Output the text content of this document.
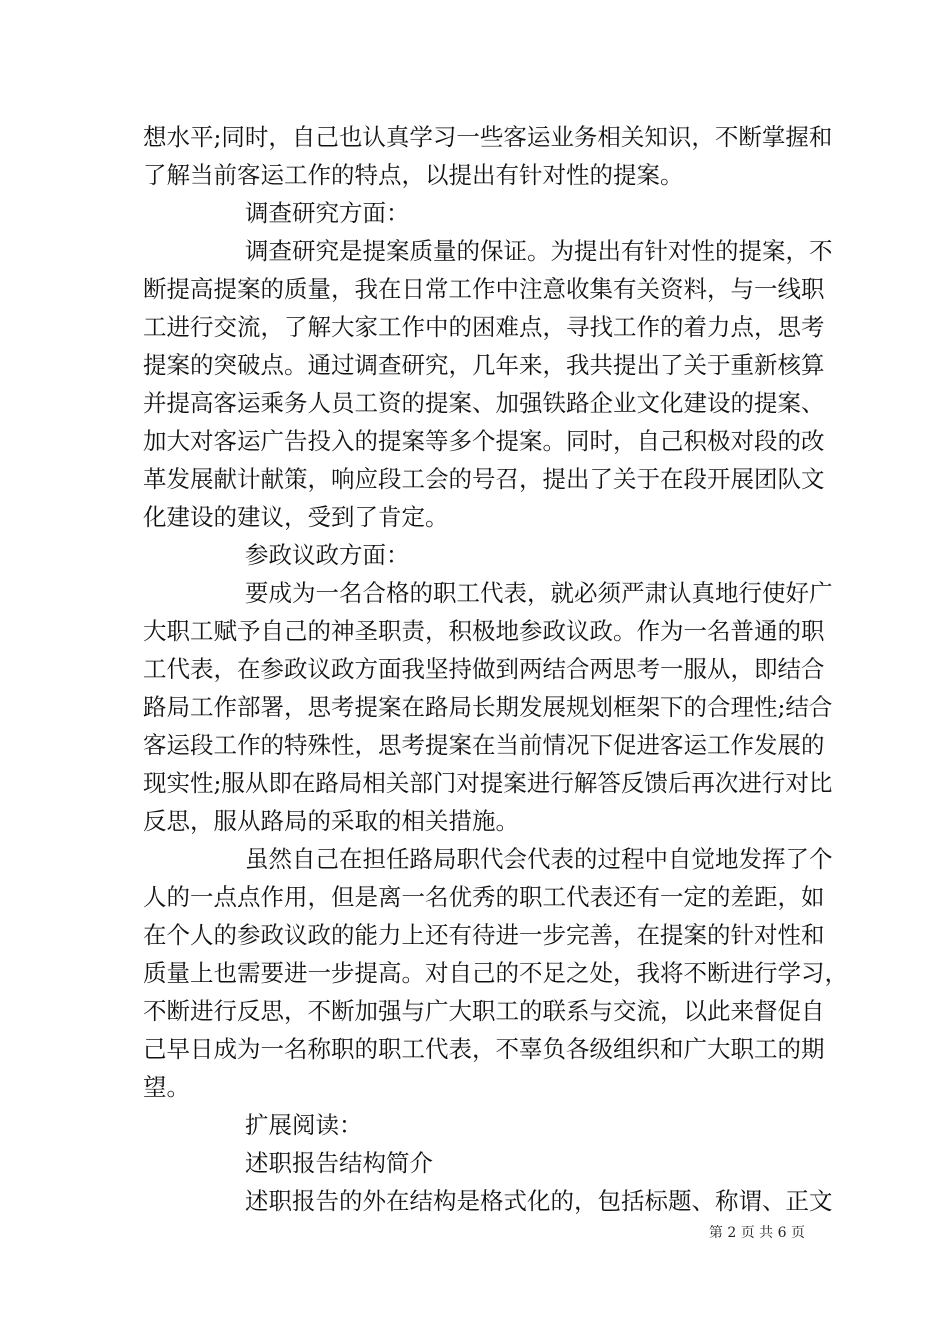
想水平;同时，自己也认真学习一些客运业务相关知识，不断掌握和
了解当前客运工作的特点，以提出有针对性的提案。
调查研究方面：
调查研究是提案质量的保证。为提出有针对性的提案，不
断提高提案的质量，我在日常工作中注意收集有关资料，与一线职
工进行交流，了解大家工作中的困难点，寻找工作的着力点，思考
提案的突破点。通过调查研究，几年来，我共提出了关于重新核算
并提高客运乘务人员工资的提案、加强铁路企业文化建设的提案、
加大对客运广告投入的提案等多个提案。同时，自己积极对段的改
革发展献计献策，响应段工会的号召，提出了关于在段开展团队文
化建设的建议，受到了肯定。
参政议政方面：
要成为一名合格的职工代表，就必须严肃认真地行使好广
大职工赋予自己的神圣职责，积极地参政议政。作为一名普通的职
工代表，在参政议政方面我坚持做到两结合两思考一服从，即结合
路局工作部署，思考提案在路局长期发展规划框架下的合理性;结合
客运段工作的特殊性，思考提案在当前情况下促进客运工作发展的
现实性;服从即在路局相关部门对提案进行解答反馈后再次进行对比
反思，服从路局的采取的相关措施。
虽然自己在担任路局职代会代表的过程中自觉地发挥了个
人的一点点作用，但是离一名优秀的职工代表还有一定的差距，如
在个人的参政议政的能力上还有待进一步完善，在提案的针对性和
质量上也需要进一步提高。对自己的不足之处，我将不断进行学习，
不断进行反思，不断加强与广大职工的联系与交流，以此来督促自
己早日成为一名称职的职工代表，不辜负各级组织和广大职工的期
望。
扩展阅读：
述职报告结构简介
述职报告的外在结构是格式化的，包括标题、称谓、正文
第 2 页 共 6 页
